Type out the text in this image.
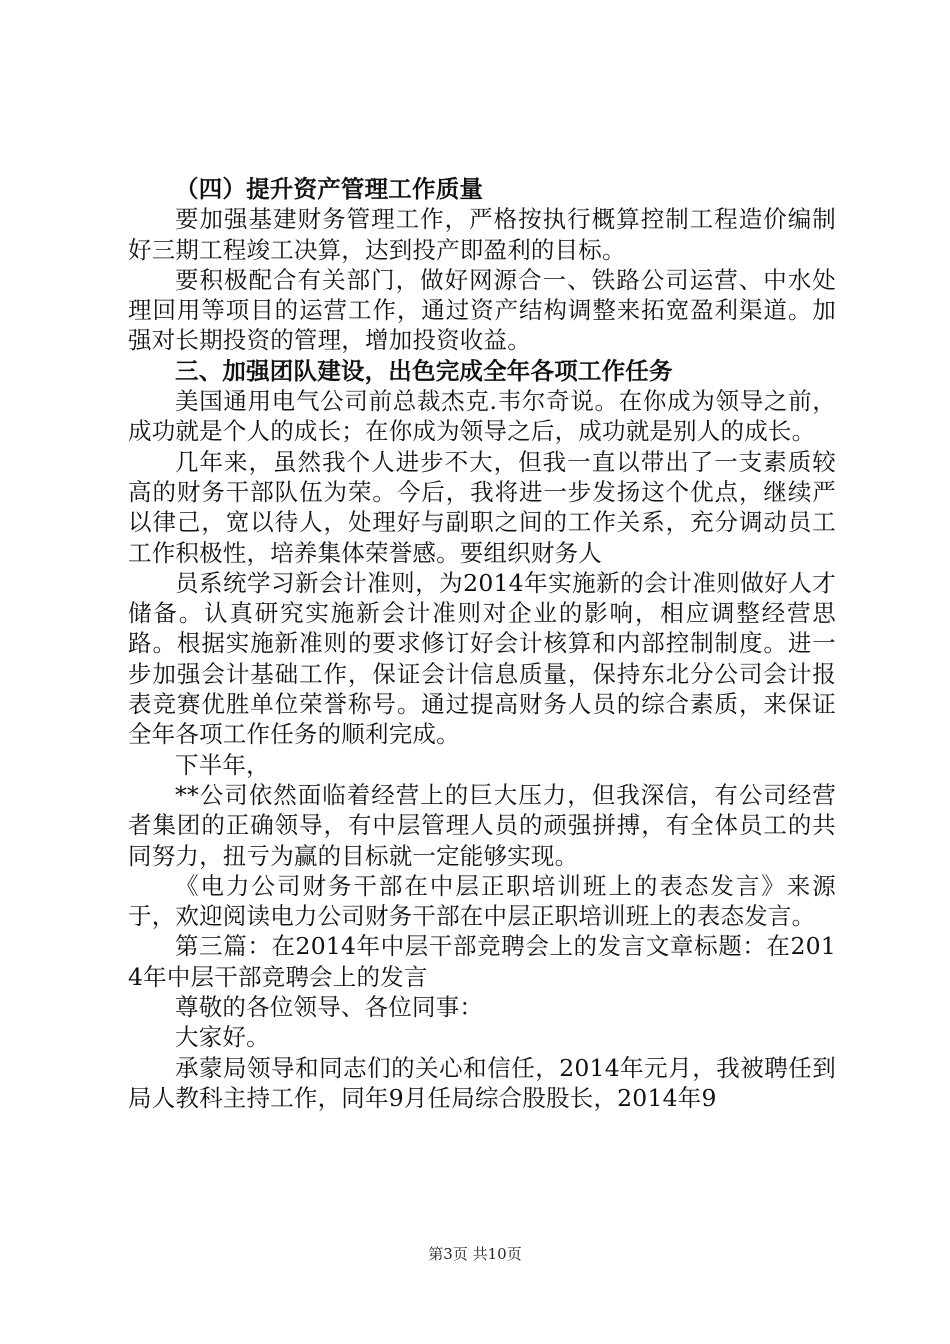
（四）提升资产管理工作质量

要加强基建财务管理工作，严格按执行概算控制工程造价编制好三期工程竣工决算，达到投产即盈利的目标。

要积极配合有关部门，做好网源合一、铁路公司运营、中水处理回用等项目的运营工作，通过资产结构调整来拓宽盈利渠道。加强对长期投资的管理，增加投资收益。

三、加强团队建设，出色完成全年各项工作任务

美国通用电气公司前总裁杰克.韦尔奇说。在你成为领导之前，成功就是个人的成长；在你成为领导之后，成功就是别人的成长。

几年来，虽然我个人进步不大，但我一直以带出了一支素质较高的财务干部队伍为荣。今后，我将进一步发扬这个优点，继续严以律己，宽以待人，处理好与副职之间的工作关系，充分调动员工工作积极性，培养集体荣誉感。要组织财务人

员系统学习新会计准则，为2014年实施新的会计准则做好人才储备。认真研究实施新会计准则对企业的影响，相应调整经营思路。根据实施新准则的要求修订好会计核算和内部控制制度。进一步加强会计基础工作，保证会计信息质量，保持东北分公司会计报表竞赛优胜单位荣誉称号。通过提高财务人员的综合素质，来保证全年各项工作任务的顺利完成。

下半年，

**公司依然面临着经营上的巨大压力，但我深信，有公司经营者集团的正确领导，有中层管理人员的顽强拼搏，有全体员工的共同努力，扭亏为赢的目标就一定能够实现。

《电力公司财务干部在中层正职培训班上的表态发言》来源于，欢迎阅读电力公司财务干部在中层正职培训班上的表态发言。

第三篇：在2014年中层干部竞聘会上的发言文章标题：在2014年中层干部竞聘会上的发言

尊敬的各位领导、各位同事：

大家好。

承蒙局领导和同志们的关心和信任，2014年元月，我被聘任到局人教科主持工作，同年9月任局综合股股长，2014年9

第3页 共10页
